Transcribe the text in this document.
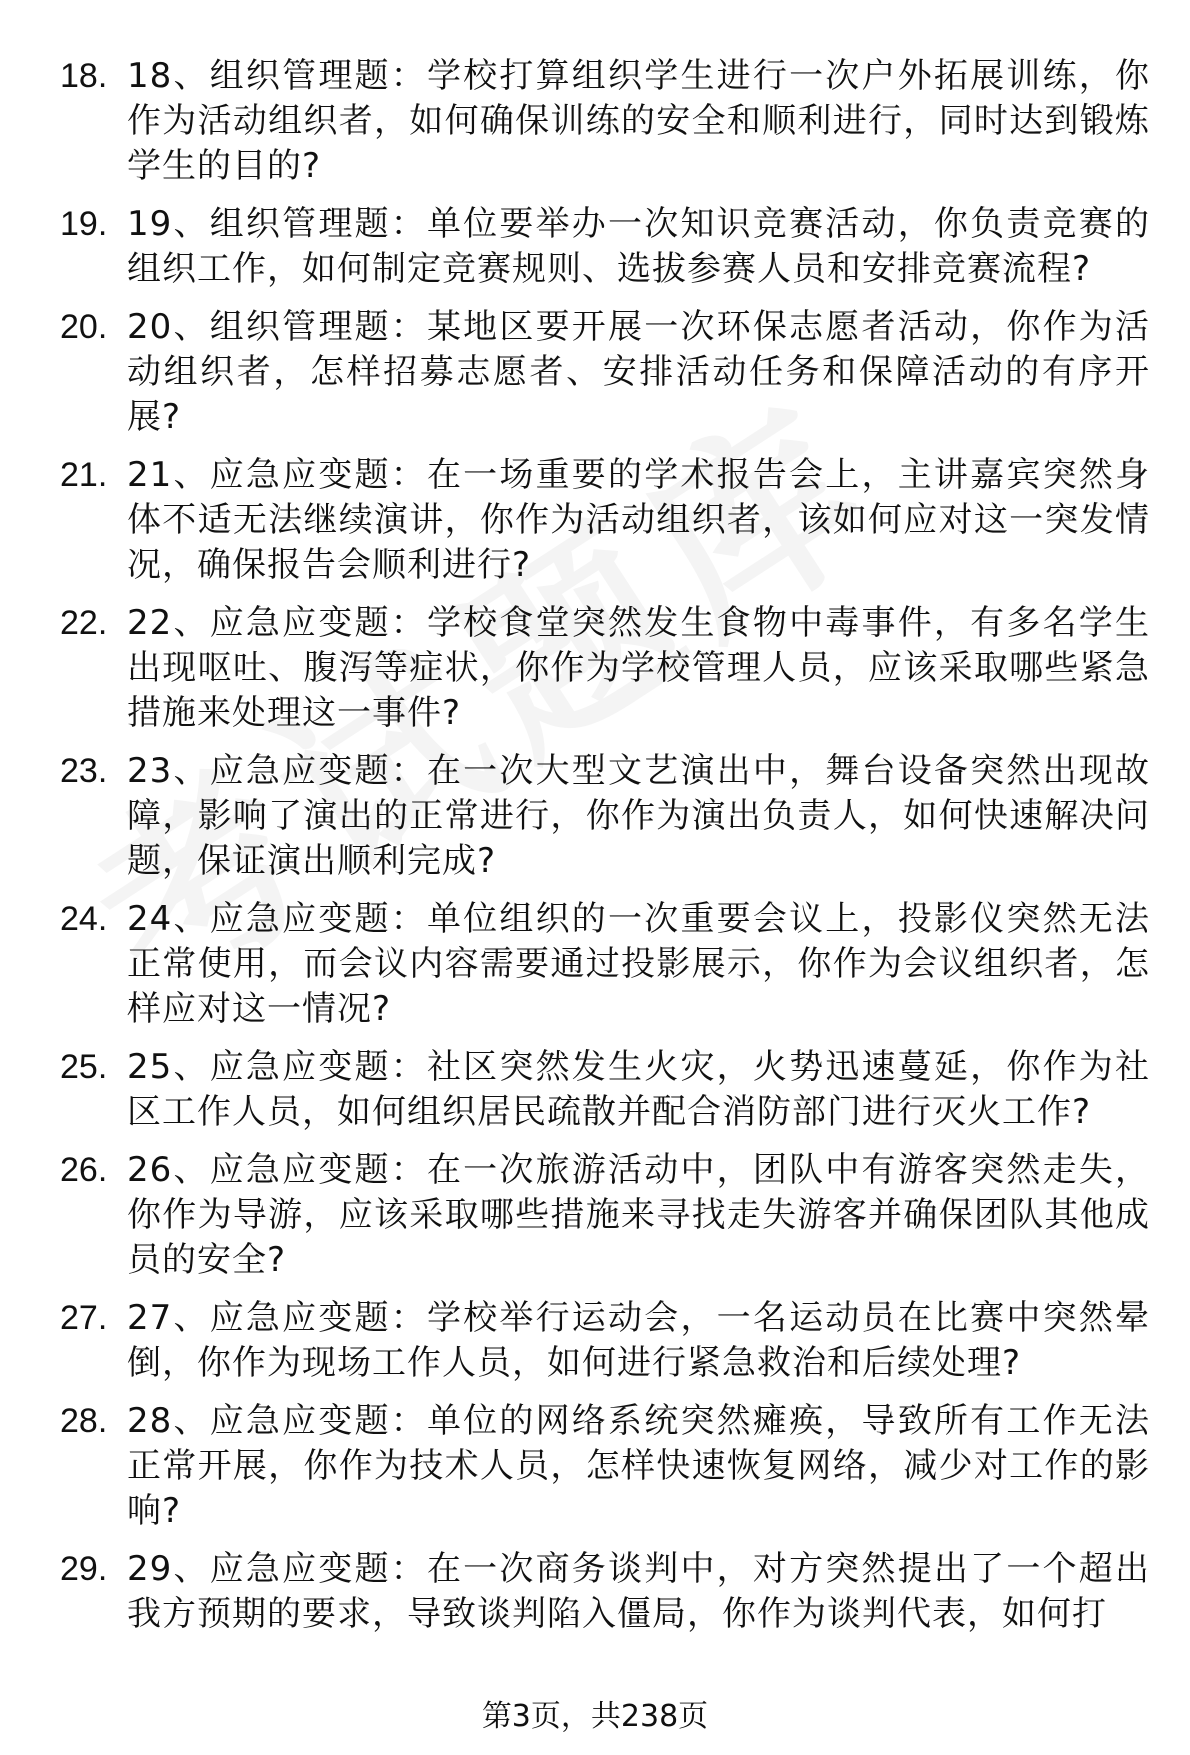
18. 18、组织管理题：学校打算组织学生进行一次户外拓展训练，你作为活动组织者，如何确保训练的安全和顺利进行，同时达到锻炼学生的目的?
19. 19、组织管理题：单位要举办一次知识竞赛活动，你负责竞赛的组织工作，如何制定竞赛规则、选拔参赛人员和安排竞赛流程?
20. 20、组织管理题：某地区要开展一次环保志愿者活动，你作为活动组织者，怎样招募志愿者、安排活动任务和保障活动的有序开展?
21. 21、应急应变题：在一场重要的学术报告会上，主讲嘉宾突然身体不适无法继续演讲，你作为活动组织者，该如何应对这一突发情况，确保报告会顺利进行?
22. 22、应急应变题：学校食堂突然发生食物中毒事件，有多名学生出现呕吐、腹泻等症状，你作为学校管理人员，应该采取哪些紧急措施来处理这一事件?
23. 23、应急应变题：在一次大型文艺演出中，舞台设备突然出现故障，影响了演出的正常进行，你作为演出负责人，如何快速解决问题，保证演出顺利完成?
24. 24、应急应变题：单位组织的一次重要会议上，投影仪突然无法正常使用，而会议内容需要通过投影展示，你作为会议组织者，怎样应对这一情况?
25. 25、应急应变题：社区突然发生火灾，火势迅速蔓延，你作为社区工作人员，如何组织居民疏散并配合消防部门进行灭火工作?
26. 26、应急应变题：在一次旅游活动中，团队中有游客突然走失，你作为导游，应该采取哪些措施来寻找走失游客并确保团队其他成员的安全?
27. 27、应急应变题：学校举行运动会，一名运动员在比赛中突然晕倒，你作为现场工作人员，如何进行紧急救治和后续处理?
28. 28、应急应变题：单位的网络系统突然瘫痪，导致所有工作无法正常开展，你作为技术人员，怎样快速恢复网络，减少对工作的影响?
29. 29、应急应变题：在一次商务谈判中，对方突然提出了一个超出我方预期的要求，导致谈判陷入僵局，你作为谈判代表，如何打
第3页，共238页
